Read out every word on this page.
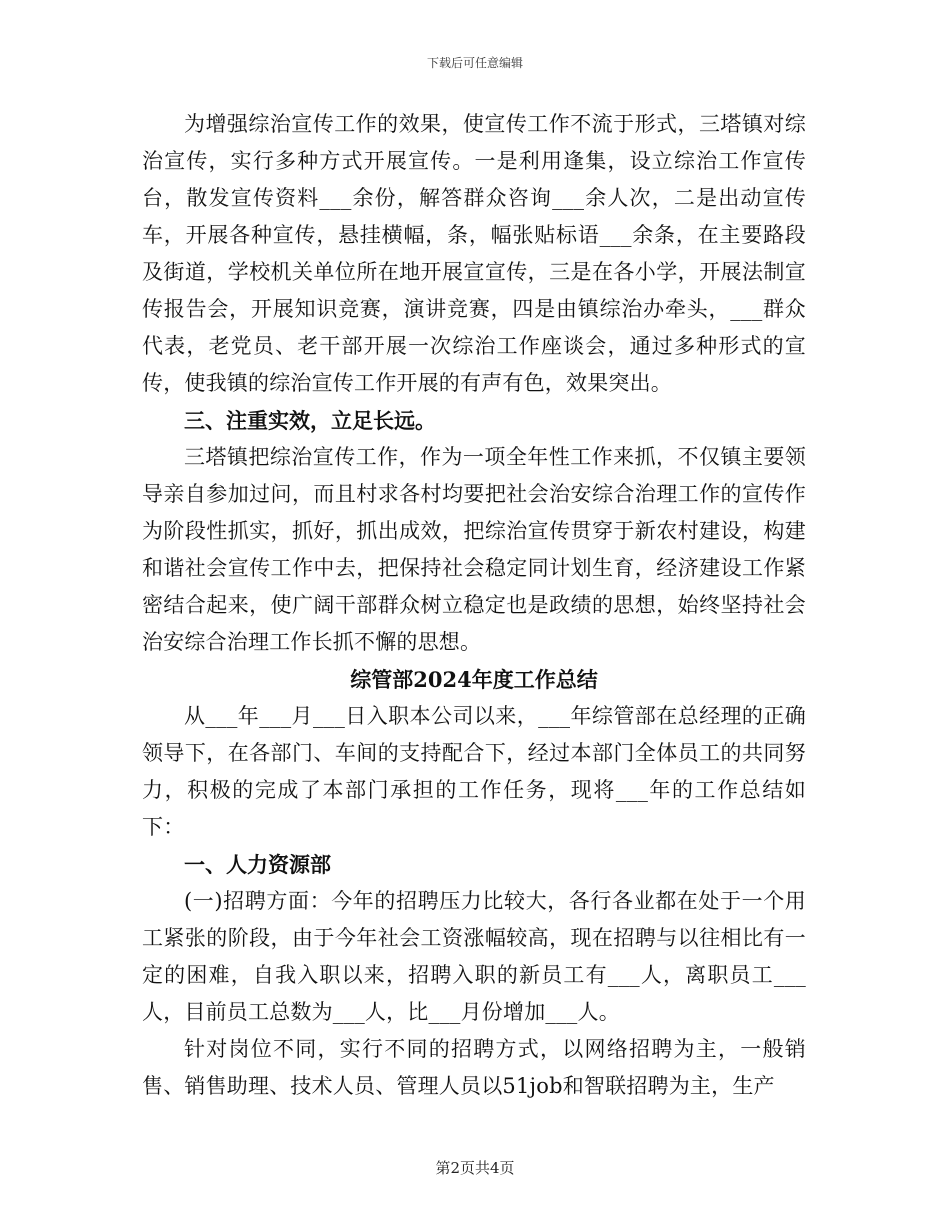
下载后可任意编辑

为增强综治宣传工作的效果，使宣传工作不流于形式，三塔镇对综治宣传，实行多种方式开展宣传。一是利用逢集，设立综治工作宣传台，散发宣传资料___余份，解答群众咨询___余人次，二是出动宣传车，开展各种宣传，悬挂横幅，条，幅张贴标语___余条，在主要路段及街道，学校机关单位所在地开展宣宣传，三是在各小学，开展法制宣传报告会，开展知识竞赛，演讲竞赛，四是由镇综治办牵头，___群众代表，老党员、老干部开展一次综治工作座谈会，通过多种形式的宣传，使我镇的综治宣传工作开展的有声有色，效果突出。

三、注重实效，立足长远。

三塔镇把综治宣传工作，作为一项全年性工作来抓，不仅镇主要领导亲自参加过问，而且村求各村均要把社会治安综合治理工作的宣传作为阶段性抓实，抓好，抓出成效，把综治宣传贯穿于新农村建设，构建和谐社会宣传工作中去，把保持社会稳定同计划生育，经济建设工作紧密结合起来，使广阔干部群众树立稳定也是政绩的思想，始终坚持社会治安综合治理工作长抓不懈的思想。

综管部2024年度工作总结

从___年___月___日入职本公司以来，___年综管部在总经理的正确领导下，在各部门、车间的支持配合下，经过本部门全体员工的共同努力，积极的完成了本部门承担的工作任务，现将___年的工作总结如下：

一、人力资源部

(一)招聘方面：今年的招聘压力比较大，各行各业都在处于一个用工紧张的阶段，由于今年社会工资涨幅较高，现在招聘与以往相比有一定的困难，自我入职以来，招聘入职的新员工有___人，离职员工___人，目前员工总数为___人，比___月份增加___人。

针对岗位不同，实行不同的招聘方式，以网络招聘为主，一般销售、销售助理、技术人员、管理人员以51job和智联招聘为主，生产

第2页共4页
